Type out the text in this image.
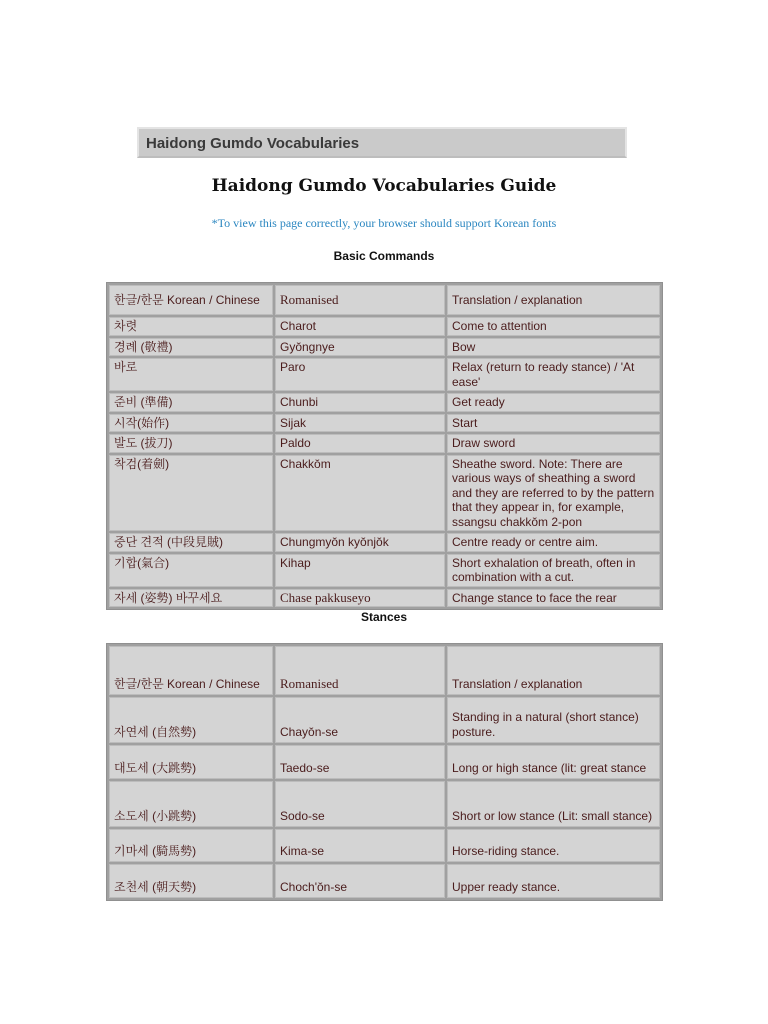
Haidong Gumdo Vocabularies
Haidong Gumdo Vocabularies Guide
*To view this page correctly, your browser should support Korean fonts
Basic Commands
한글/한문 Korean / Chinese	Romanised	Translation / explanation
차렷	Charot	Come to attention
경례 (敬禮)	Gyŏngnye	Bow
바로	Paro	Relax (return to ready stance) / 'At ease'
준비 (準備)	Chunbi	Get ready
시작(始作)	Sijak	Start
발도 (拔刀)	Paldo	Draw sword
착검(着劍)	Chakkŏm	Sheathe sword. Note: There are various ways of sheathing a sword and they are referred to by the pattern that they appear in, for example, ssangsu chakkŏm 2-pon
중단 견적 (中段見賊)	Chungmyŏn kyŏnjŏk	Centre ready or centre aim.
기합(氣合)	Kihap	Short exhalation of breath, often in combination with a cut.
자세 (姿勢) 바꾸세요	Chase pakkuseyo	Change stance to face the rear
Stances
한글/한문 Korean / Chinese	Romanised	Translation / explanation
자연세 (自然勢)	Chayŏn-se	Standing in a natural (short stance) posture.
대도세 (大跳勢)	Taedo-se	Long or high stance (lit: great stance
소도세 (小跳勢)	Sodo-se	Short or low stance (Lit: small stance)
기마세 (騎馬勢)	Kima-se	Horse-riding stance.
조천세 (朝天勢)	Choch'ŏn-se	Upper ready stance.
